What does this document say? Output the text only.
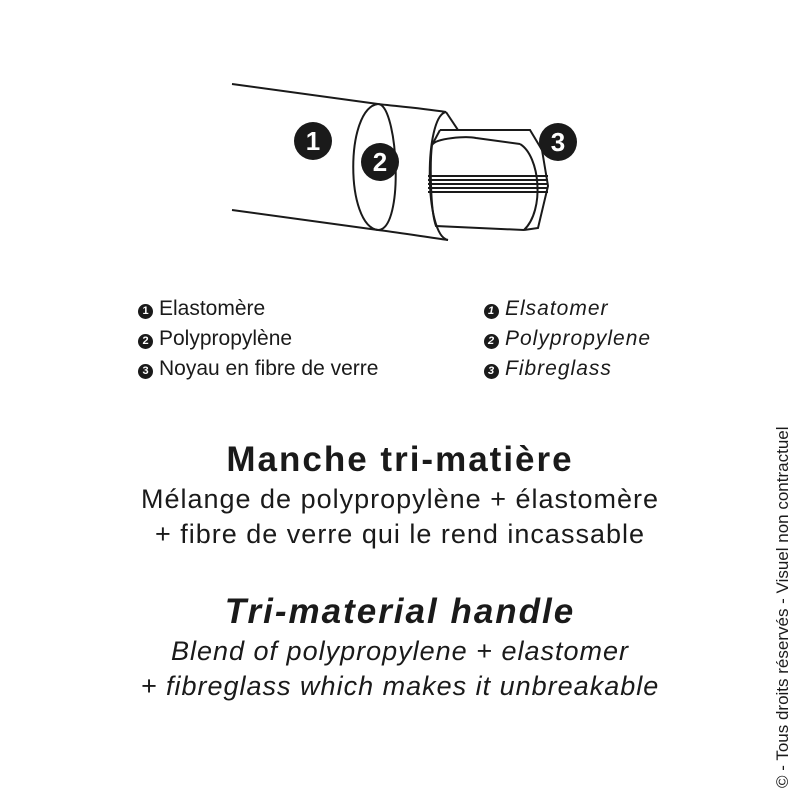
1
2
3
1 Elastomère
2 Polypropylène
3 Noyau en fibre de verre
1 Elsatomer
2 Polypropylene
3 Fibreglass
Manche tri-matière
Mélange de polypropylène + élastomère
+ fibre de verre qui le rend incassable
Tri-material handle
Blend of polypropylene + elastomer
+ fibreglass which makes it unbreakable	© - Tous droits réservés - Visuel non contractuel
